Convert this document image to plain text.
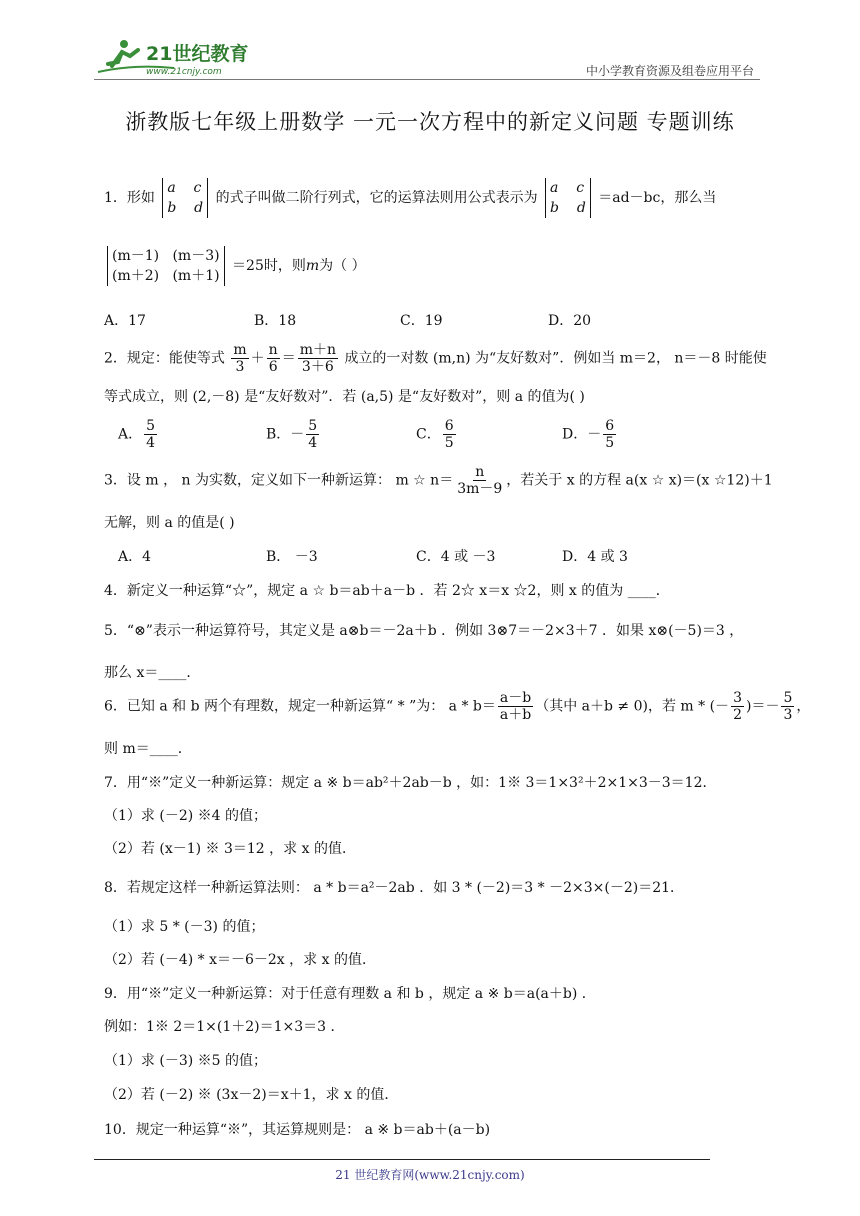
21世纪教育
www.21cnjy.com	中小学教育资源及组卷应用平台
浙教版七年级上册数学 一元一次方程中的新定义问题 专题训练
1．形如
a c
b d
的式子叫做二阶行列式，它的运算法则用公式表示为
a c
b d
＝ad－bc，那么当
(m－1) (m－3)
(m＋2) (m＋1)
＝25时，则m为（ ）
A．17	B．18	C．19	D．20
2．规定：能使等式 $\frac{m}{3} + \frac{n}{6} = \frac{m+n}{3+6}$ 成立的一对数 (m,n) 为“友好数对”．例如当 m＝2， n＝－8 时能使
等式成立，则 (2,－8) 是“友好数对”．若 (a,5) 是“友好数对”，则 a 的值为( )
A． $\frac{5}{4}$	B．－ $\frac{5}{4}$	C． $\frac{6}{5}$	D．－ $\frac{6}{5}$
3．设 m ， n 为实数，定义如下一种新运算： m ☆ $n= \frac{n}{3m-9}$ ，若关于 x 的方程 a(x ☆ x)＝(x ☆12)＋1
无解，则 a 的值是( )
A．4	B． －3	C．4 或 －3	D．4 或 3
4．新定义一种运算“☆”，规定 a ☆ b＝ab＋a－b ．若 2☆ x＝x ☆2，则 x 的值为 ____．
5．“⊗”表示一种运算符号，其定义是 a⊗b＝－2a＋b ．例如 3⊗7＝－2×3＋7 ．如果 x⊗(－5)＝3 ，
那么 x＝____．
6．已知 a 和 b 两个有理数，规定一种新运算“ * ”为： $a * b= \frac{a-b}{a+b}$ （其中 a＋b ≠ 0)，若 m * (－ $\frac{3}{2}$ )＝－ $\frac{5}{3}$ ，
则 m＝____．
7．用“※”定义一种新运算：规定 a ※ b＝ab²＋2ab－b ，如：1※ 3＝1×3²＋2×1×3－3＝12．
（1）求 (－2) ※4 的值；
（2）若 (x－1) ※ 3＝12 ，求 x 的值．
8．若规定这样一种新运算法则： a * b＝a²－2ab ．如 3 * (－2)＝3 * －2×3×(－2)＝21．
（1）求 5 * (－3) 的值；
（2）若 (－4) * x＝－6－2x ，求 x 的值．
9．用“※”定义一种新运算：对于任意有理数 a 和 b ，规定 a ※ b＝a(a＋b) ．
例如：1※ 2＝1×(1＋2)＝1×3＝3 ．
（1）求 (－3) ※5 的值；
（2）若 (－2) ※ (3x－2)＝x＋1，求 x 的值．
10．规定一种运算“※”，其运算规则是： a ※ b＝ab＋(a－b)
21 世纪教育网(www.21cnjy.com)
